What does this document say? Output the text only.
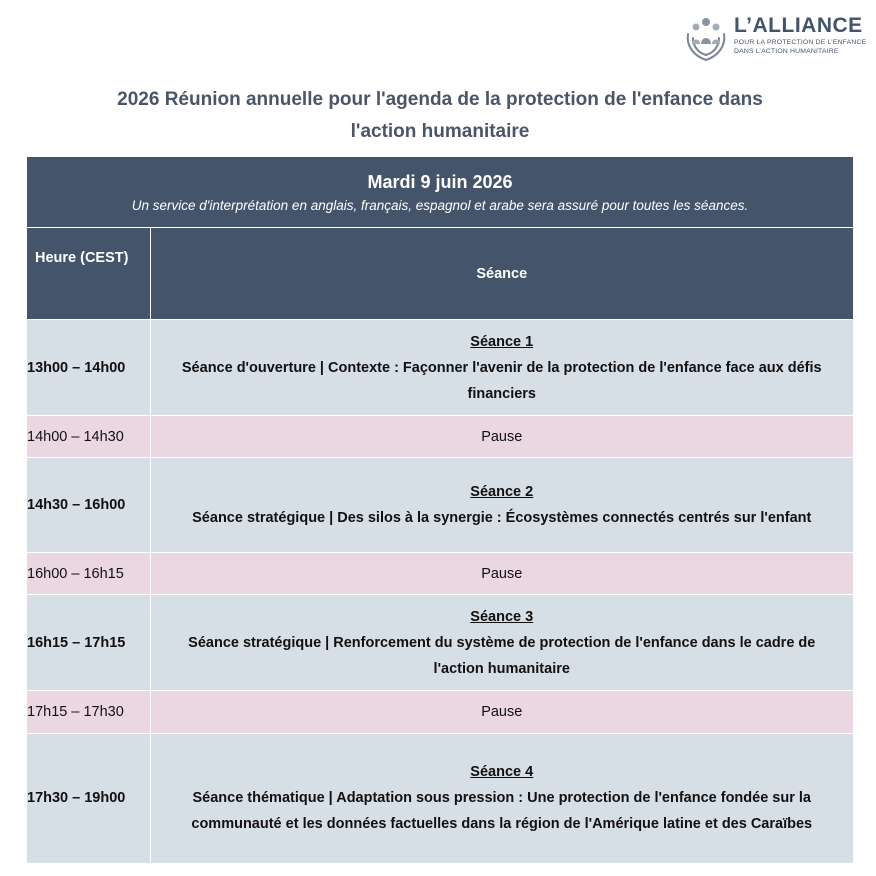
L’ALLIANCE
POUR LA PROTECTION DE L’ENFANCE
DANS L’ACTION HUMANITAIRE
2026 Réunion annuelle pour l'agenda de la protection de l'enfance dans
l'action humanitaire
Mardi 9 juin 2026
Un service d'interprétation en anglais, français, espagnol et arabe sera assuré pour toutes les séances.	

Heure (CEST)	Séance
13h00 – 14h00	Séance 1
Séance d'ouverture | Contexte : Façonner l'avenir de la protection de l'enfance face aux défis
financiers

14h00 – 14h30	Pause
14h30 – 16h00	Séance 2
Séance stratégique | Des silos à la synergie : Écosystèmes connectés centrés sur l'enfant

16h00 – 16h15	Pause
16h15 – 17h15	Séance 3
Séance stratégique | Renforcement du système de protection de l'enfance dans le cadre de
l'action humanitaire

17h15 – 17h30	Pause
17h30 – 19h00	Séance 4
Séance thématique | Adaptation sous pression : Une protection de l'enfance fondée sur la
communauté et les données factuelles dans la région de l'Amérique latine et des Caraïbes
